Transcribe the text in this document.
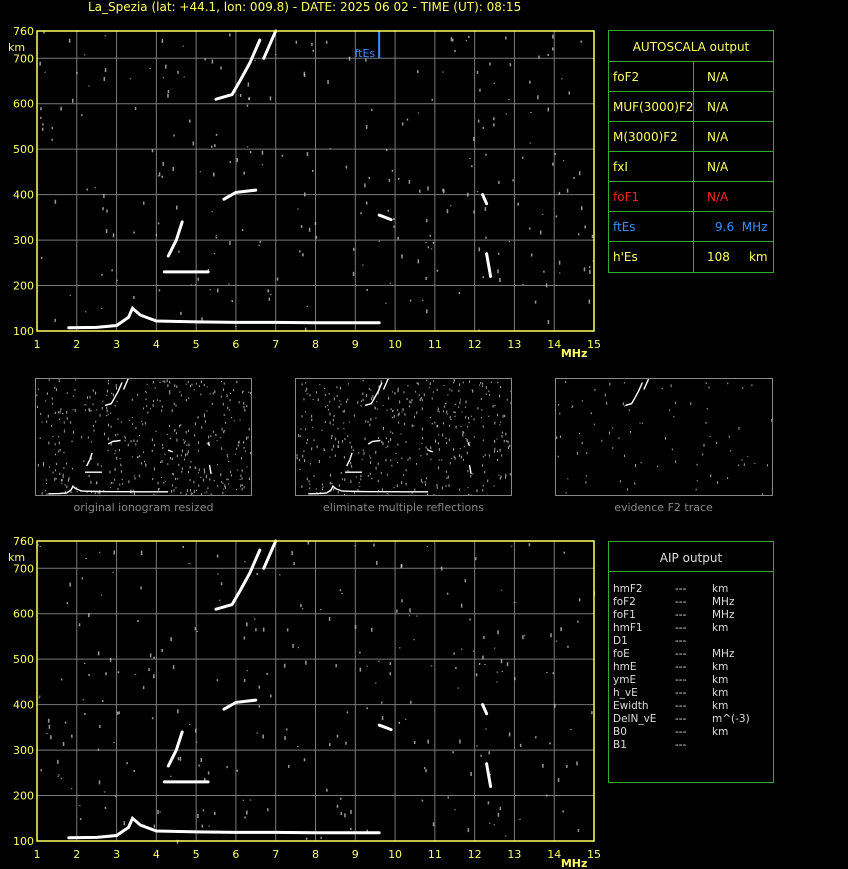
La_Spezia (lat: +44.1, lon: 009.8) - DATE: 2025 06 02 - TIME (UT): 08:15
ftEs
1	2	3	4	5	6	7	8	9	10 11 12 13 14 15
MHz
100
200
300
400
500
600
700
760
km
1	2	3	4	5	6	7	8	9	10 11 12 13 14 15
MHz
100
200
300
400
500
600
700
760
km
original ionogram resized	eliminate multiple reflections	evidence F2 trace
AUTOSCALA output
foF2	N/A
MUF(3000)F2 N/A
M(3000)F2 N/A
fxI	N/A
foF1	N/A
ftEs	9.6  MHz
h'Es	108     km
AIP output
hmF2	--- km
foF2	--- MHz
foF1	--- MHz
hmF1	--- km
D1	---
foE	--- MHz
hmE	--- km
ymE	--- km
h_vE	--- km
Ewidth	--- km
DelN_vE --- m^(-3)
B0	--- km
B1	---
